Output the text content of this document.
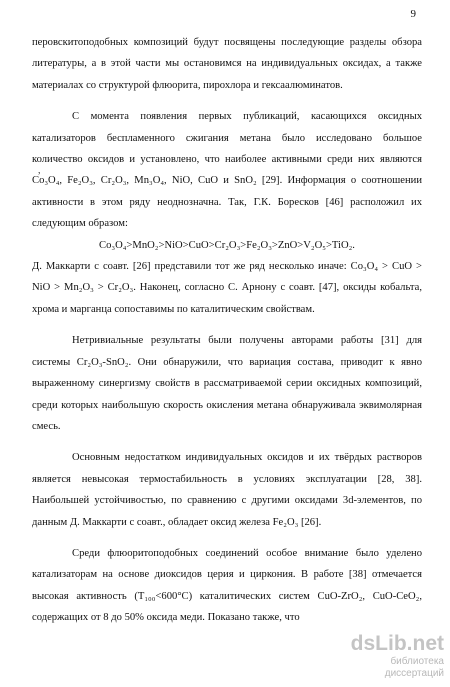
9
,

перовскитоподобных композиций будут посвящены последующие разделы обзора литературы, а в этой части мы остановимся на индивидуальных оксидах, а также материалах со структурой флюорита, пирохлора и гексаалюминатов.

С момента появления первых публикаций, касающихся оксидных катализаторов беспламенного сжигания метана было исследовано большое количество оксидов и установлено, что наиболее активными среди них являются Co₃O₄, Fe₂O₃, Cr₂O₃, Mn₃O₄, NiO, CuO и SnO₂ [29]. Информация о соотношении активности в этом ряду неоднозначна. Так, Г.К. Боресков [46] расположил их следующим образом:

Co₃O₄>MnO₂>NiO>CuO>Cr₂O₃>Fe₂O₃>ZnO>V₂O₅>TiO₂.

Д. Маккарти с соавт. [26] представили тот же ряд несколько иначе: Co₃O₄ > CuO > NiO > Mn₂O₃ > Cr₂O₃. Наконец, согласно С. Арнону с соавт. [47], оксиды кобальта, хрома и марганца сопоставимы по каталитическим свойствам.

Нетривиальные результаты были получены авторами работы [31] для системы Cr₂O₃-SnO₂. Они обнаружили, что вариация состава, приводит к явно выраженному синергизму свойств в рассматриваемой серии оксидных композиций, среди которых наибольшую скорость окисления метана обнаруживала эквимолярная смесь.

Основным недостатком индивидуальных оксидов и их твёрдых растворов является невысокая термостабильность в условиях эксплуатации [28, 38]. Наибольшей устойчивостью, по сравнению с другими оксидами 3d-элементов, по данным Д. Маккарти с соавт., обладает оксид железа Fe₂O₃ [26].

Среди флюоритоподобных соединений особое внимание было уделено катализаторам на основе диоксидов церия и циркония. В работе [38] отмечается высокая активность (T₁₀₀<600°C) каталитических систем CuO-ZrO₂, CuO-CeO₂, содержащих от 8 до 50% оксида меди. Показано также, что

dsLib.net
библиотека диссертаций
